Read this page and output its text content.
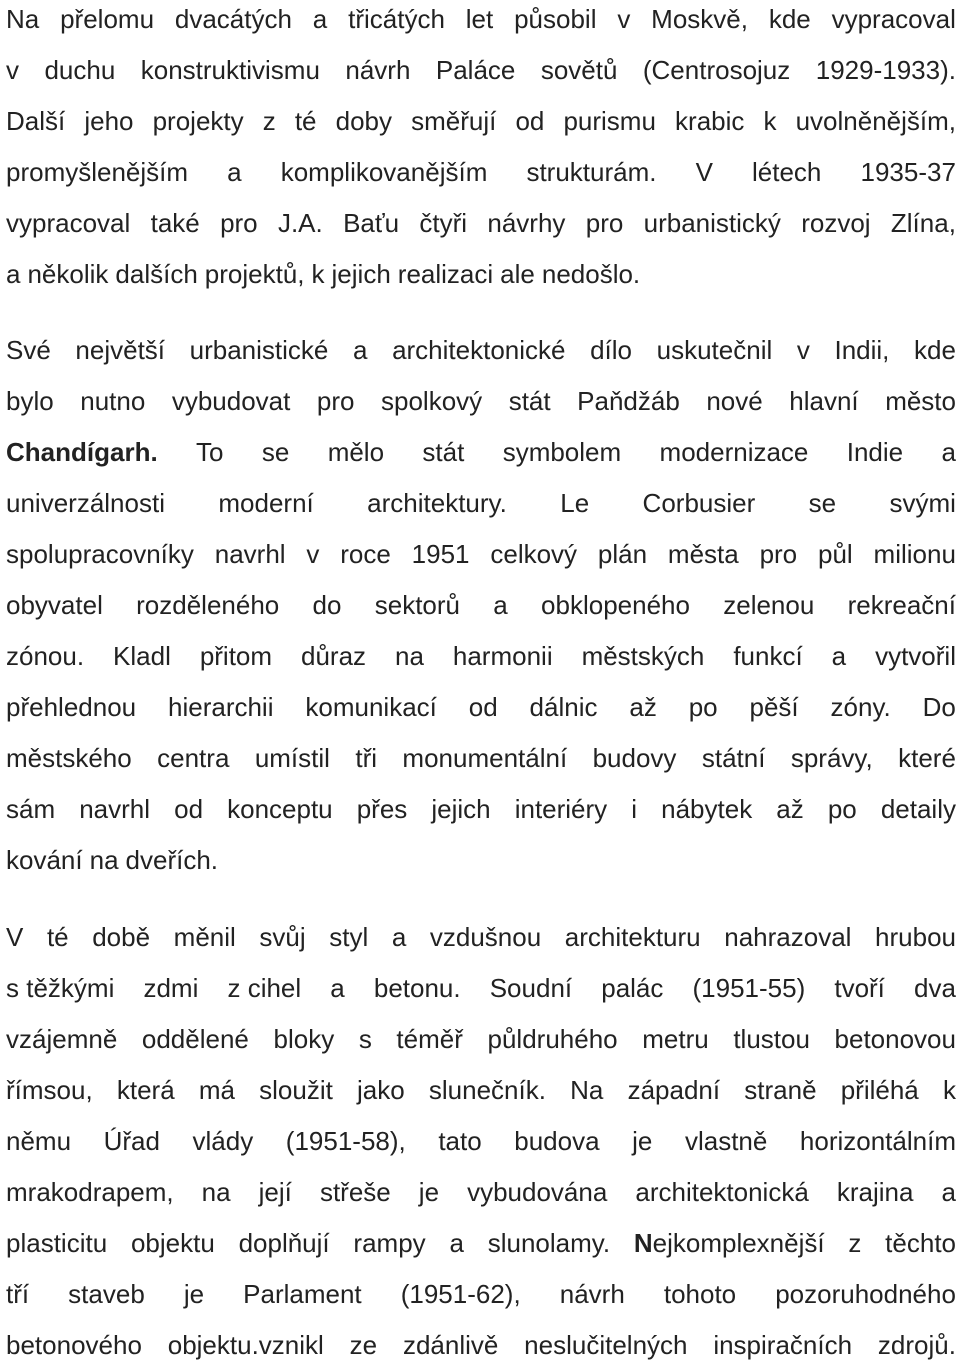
Na přelomu dvacátých a třicátých let působil v Moskvě, kde vypracoval
v duchu konstruktivismu návrh Paláce sovětů (Centrosojuz 1929-1933).
Další jeho projekty z té doby směřují od purismu krabic k uvolněnějším,
promyšlenějším a komplikovanějším strukturám. V létech 1935-37
vypracoval také pro J.A. Baťu čtyři návrhy pro urbanistický rozvoj Zlína,
a několik dalších projektů, k jejich realizaci ale nedošlo.
Své největší urbanistické a architektonické dílo uskutečnil v Indii, kde
bylo nutno vybudovat pro spolkový stát Paňdžáb nové hlavní město
Chandígarh. To se mělo stát symbolem modernizace Indie a
univerzálnosti moderní architektury. Le Corbusier se svými
spolupracovníky navrhl v roce 1951 celkový plán města pro půl milionu
obyvatel rozděleného do sektorů a obklopeného zelenou rekreační
zónou. Kladl přitom důraz na harmonii městských funkcí a vytvořil
přehlednou hierarchii komunikací od dálnic až po pěší zóny. Do
městského centra umístil tři monumentální budovy státní správy, které
sám navrhl od konceptu přes jejich interiéry i nábytek až po detaily
kování na dveřích.
V té době měnil svůj styl a vzdušnou architekturu nahrazoval hrubou
s těžkými zdmi z cihel a betonu. Soudní palác (1951-55) tvoří dva
vzájemně oddělené bloky s téměř půldruhého metru tlustou betonovou
římsou, která má sloužit jako slunečník. Na západní straně přiléhá k
němu Úřad vlády (1951-58), tato budova je vlastně horizontálním
mrakodrapem, na její střeše je vybudována architektonická krajina a
plasticitu objektu doplňují rampy a slunolamy. Nejkomplexnější z těchto
tří staveb je Parlament (1951-62), návrh tohoto pozoruhodného
betonového objektu.vznikl ze zdánlivě neslučitelných inspiračních zdrojů.
